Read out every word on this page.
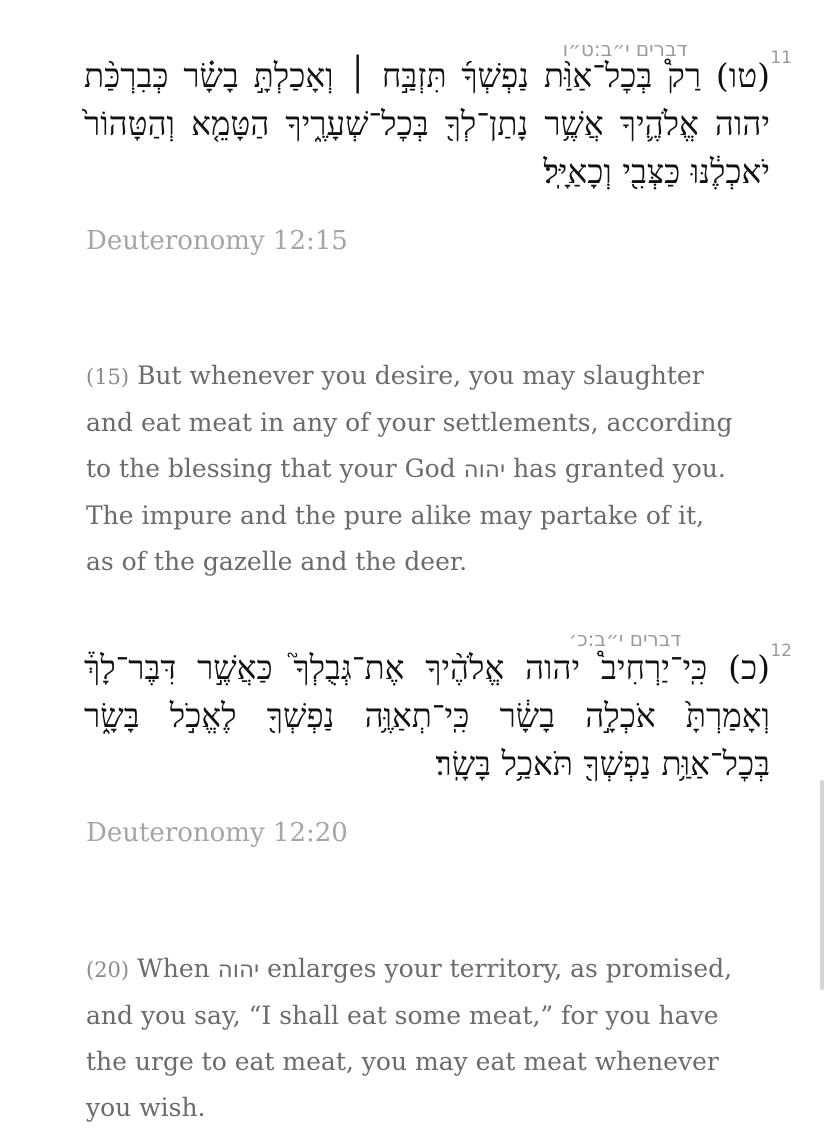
דברים י״ב:ט״ו	11
(טו) רַק֩ בְּכׇל־אַוַּ֨ת נַפְשְׁךָ֜ תִּזְבַּ֣ח ׀ וְאָכַלְתָּ֣ בָשָׂ֗ר כְּבִרְכַּ֨ת יהוה אֱלֹהֶ֛יךָ אֲשֶׁ֥ר נָתַן־לְךָ֖ בְּכׇל־שְׁעָרֶ֑יךָ הַטָּמֵ֤א וְהַטָּהוֹר֙ יֹאכְלֶ֔נּוּ כַּצְּבִ֖י וְכָאַיָּֽל׃
Deuteronomy 12:15

(15) But whenever you desire, you may slaughter and eat meat in any of your settlements, according to the blessing that your God יהוה has granted you. The impure and the pure alike may partake of it, as of the gazelle and the deer.

דברים י״ב:כ׳	12
(כ) כִּֽי־יַרְחִיב֩ יהוה אֱלֹהֶ֨יךָ אֶת־גְּבֻלְךָ֮ כַּאֲשֶׁ֣ר דִּבֶּר־לָךְ֒ וְאָמַרְתָּ֙ אֹכְלָ֣ה בָשָׂ֔ר כִּֽי־תְאַוֶּ֥ה נַפְשְׁךָ֖ לֶאֱכֹ֣ל בָּשָׂ֑ר בְּכׇל־אַוַּ֥ת נַפְשְׁךָ֖ תֹּאכַ֥ל בָּשָֽׂר׃
Deuteronomy 12:20

(20) When יהוה enlarges your territory, as promised, and you say, “I shall eat some meat,” for you have the urge to eat meat, you may eat meat whenever you wish.
